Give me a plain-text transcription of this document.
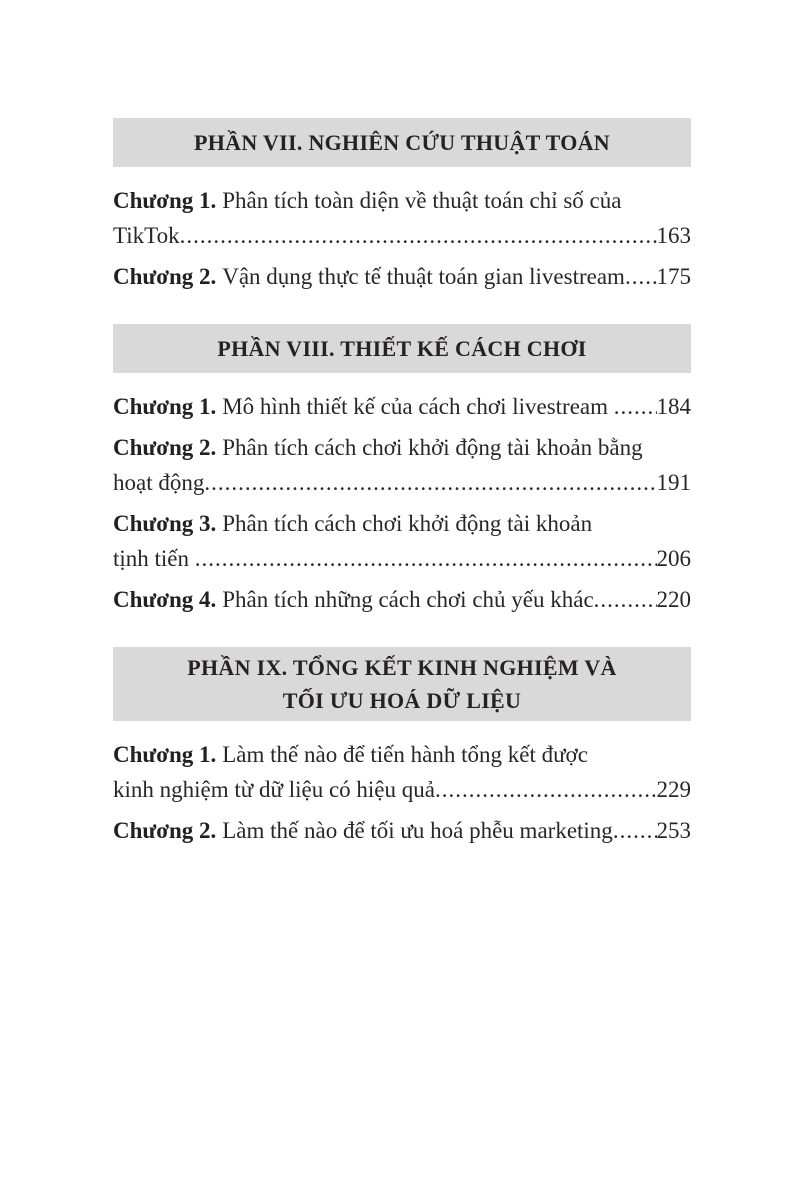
PHẦN VII. NGHIÊN CỨU THUẬT TOÁN
Chương 1. Phân tích toàn diện về thuật toán chỉ số của
TikTok .....	163
Chương 2. Vận dụng thực tế thuật toán gian livestream ..... 175
PHẦN VIII. THIẾT KẾ CÁCH CHƠI
Chương 1. Mô hình thiết kế của cách chơi livestream ..... 184
Chương 2. Phân tích cách chơi khởi động tài khoản bằng
hoạt động .....	191
Chương 3. Phân tích cách chơi khởi động tài khoản
tịnh tiến .....	206
Chương 4. Phân tích những cách chơi chủ yếu khác .....	220
PHẦN IX. TỔNG KẾT KINH NGHIỆM VÀ
TỐI ƯU HOÁ DỮ LIỆU
Chương 1. Làm thế nào để tiến hành tổng kết được
kinh nghiệm từ dữ liệu có hiệu quả .....	229
Chương 2. Làm thế nào để tối ưu hoá phễu marketing ..... 253
